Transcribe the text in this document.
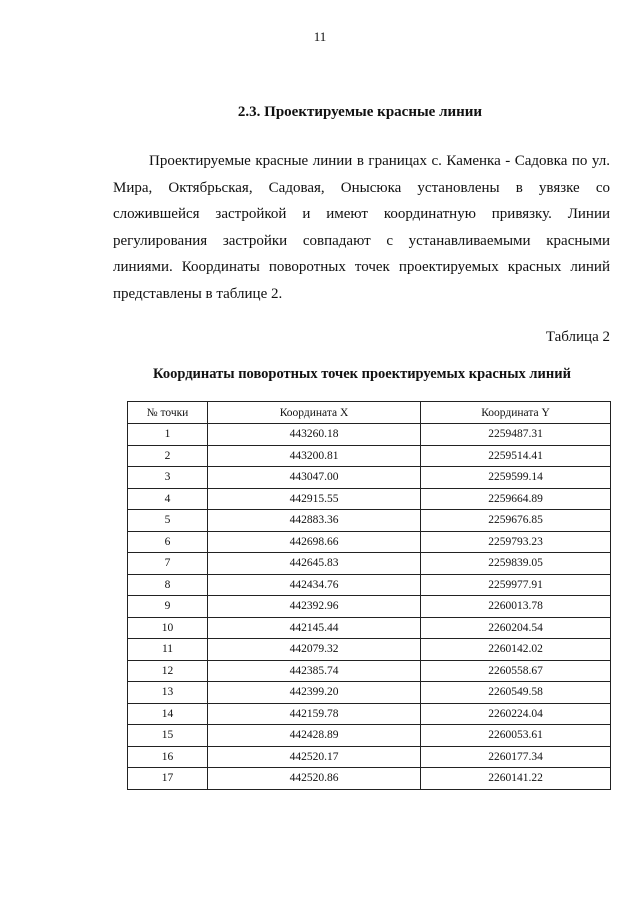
11
2.3. Проектируемые красные линии

Проектируемые красные линии в границах с. Каменка - Садовка по ул. Мира, Октябрьская, Садовая, Онысюка установлены в увязке со сложившейся застройкой и имеют координатную привязку. Линии регулирования застройки совпадают с устанавливаемыми красными линиями. Координаты поворотных точек проектируемых красных линий представлены в таблице 2.

Таблица 2
Координаты поворотных точек проектируемых красных линий
№ точки	Координата X	Координата Y
1	443260.18	2259487.31
2	443200.81	2259514.41
3	443047.00	2259599.14
4	442915.55	2259664.89
5	442883.36	2259676.85
6	442698.66	2259793.23
7	442645.83	2259839.05
8	442434.76	2259977.91
9	442392.96	2260013.78
10	442145.44	2260204.54
11	442079.32	2260142.02
12	442385.74	2260558.67
13	442399.20	2260549.58
14	442159.78	2260224.04
15	442428.89	2260053.61
16	442520.17	2260177.34
17	442520.86	2260141.22
